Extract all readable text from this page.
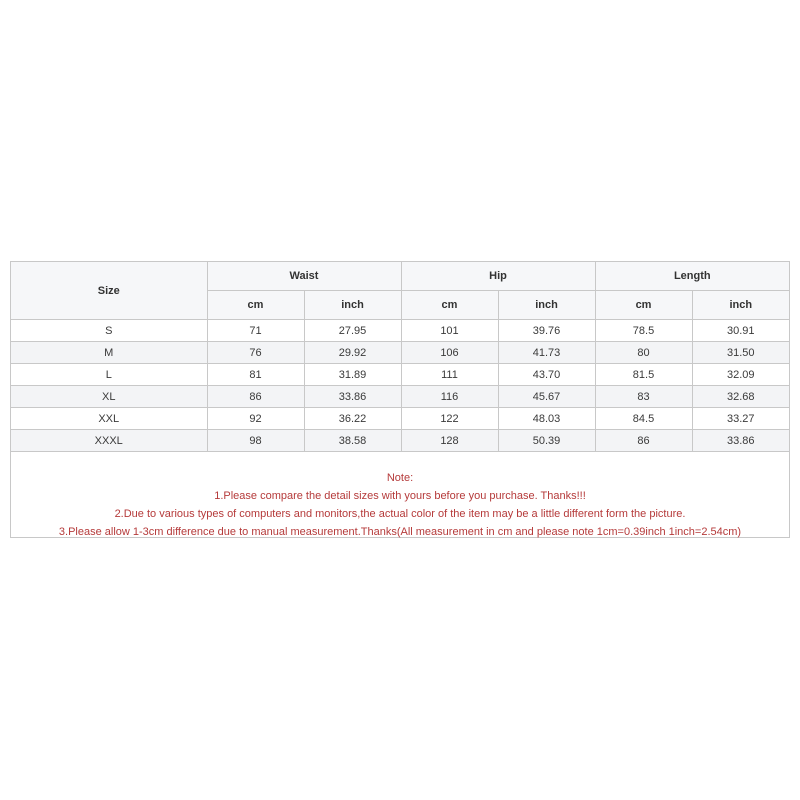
Size	Waist		Hip		Length	
	cm	inch	cm	inch	cm	inch
S	71	27.95	101	39.76	78.5	30.91
M	76	29.92	106	41.73	80	31.50
L	81	31.89	111	43.70	81.5	32.09
XL	86	33.86	116	45.67	83	32.68
XXL	92	36.22	122	48.03	84.5	33.27
XXXL	98	38.58	128	50.39	86	33.86
Note:
1.Please compare the detail sizes with yours before you purchase. Thanks!!!
2.Due to various types of computers and monitors,the actual color of the item may be a little different form the picture.
3.Please allow 1-3cm difference due to manual measurement.Thanks(All measurement in cm and please note 1cm=0.39inch 1inch=2.54cm)
